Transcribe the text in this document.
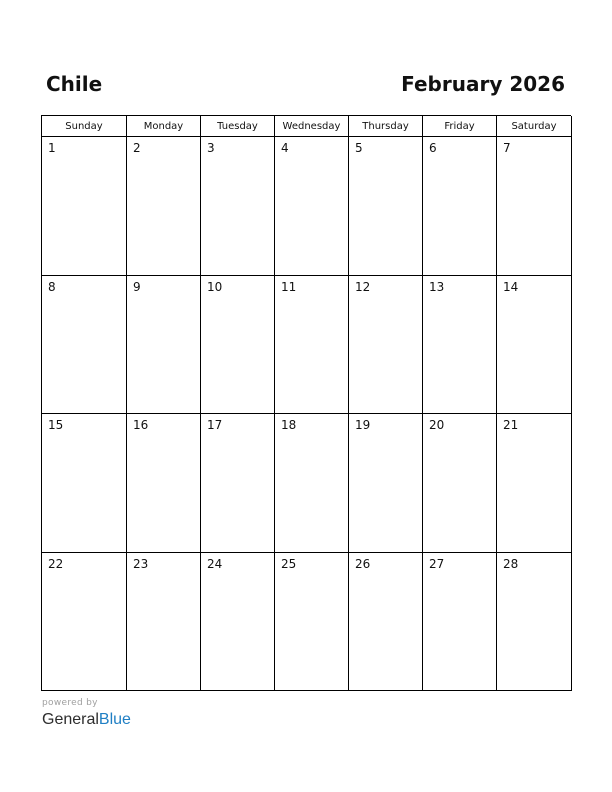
Chile	February 2026
Sunday	Monday	Tuesday	Wednesday	Thursday	Friday	Saturday
1	2	3	4	5	6	7
8	9	10	11	12	13	14
15	16	17	18	19	20	21
22	23	24	25	26	27	28
powered by
GeneralBlue
